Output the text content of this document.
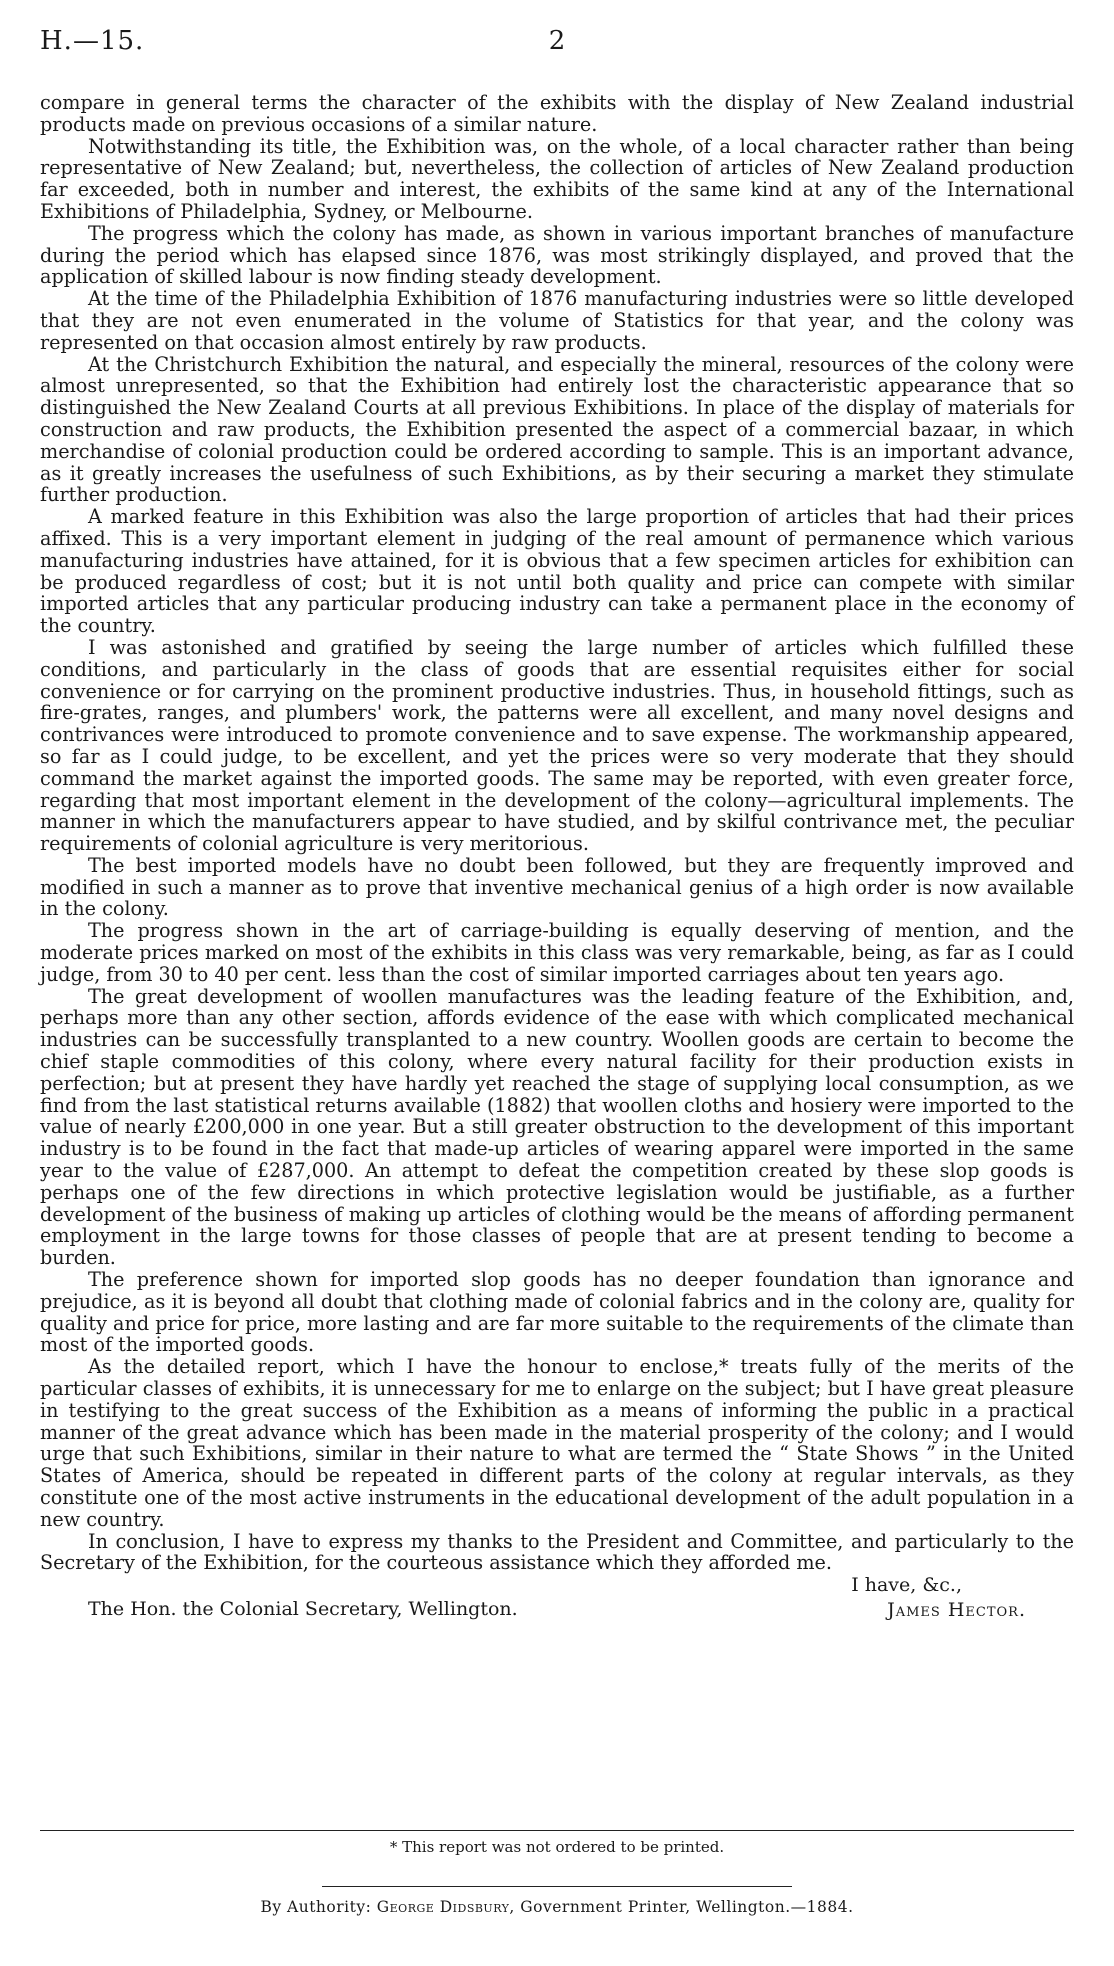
H.—15.	2

compare in general terms the character of the exhibits with the display of New Zealand industrial products made on previous occasions of a similar nature.

Notwithstanding its title, the Exhibition was, on the whole, of a local character rather than being representative of New Zealand; but, nevertheless, the collection of articles of New Zealand production far exceeded, both in number and interest, the exhibits of the same kind at any of the International Exhibitions of Philadelphia, Sydney, or Melbourne.

The progress which the colony has made, as shown in various important branches of manufacture during the period which has elapsed since 1876, was most strikingly displayed, and proved that the application of skilled labour is now finding steady development.

At the time of the Philadelphia Exhibition of 1876 manufacturing industries were so little developed that they are not even enumerated in the volume of Statistics for that year, and the colony was represented on that occasion almost entirely by raw products.

At the Christchurch Exhibition the natural, and especially the mineral, resources of the colony were almost unrepresented, so that the Exhibition had entirely lost the characteristic appearance that so distinguished the New Zealand Courts at all previous Exhibitions. In place of the display of materials for construction and raw products, the Exhibition presented the aspect of a commercial bazaar, in which merchandise of colonial production could be ordered according to sample. This is an important advance, as it greatly increases the usefulness of such Exhibitions, as by their securing a market they stimulate further production.

A marked feature in this Exhibition was also the large proportion of articles that had their prices affixed. This is a very important element in judging of the real amount of permanence which various manufacturing industries have attained, for it is obvious that a few specimen articles for exhibition can be produced regardless of cost; but it is not until both quality and price can compete with similar imported articles that any particular producing industry can take a permanent place in the economy of the country.

I was astonished and gratified by seeing the large number of articles which fulfilled these conditions, and particularly in the class of goods that are essential requisites either for social convenience or for carrying on the prominent productive industries. Thus, in household fittings, such as fire-grates, ranges, and plumbers' work, the patterns were all excellent, and many novel designs and contrivances were introduced to promote convenience and to save expense. The workmanship appeared, so far as I could judge, to be excellent, and yet the prices were so very moderate that they should command the market against the imported goods. The same may be reported, with even greater force, regarding that most important element in the development of the colony—agricultural implements. The manner in which the manufacturers appear to have studied, and by skilful contrivance met, the peculiar requirements of colonial agriculture is very meritorious.

The best imported models have no doubt been followed, but they are frequently improved and modified in such a manner as to prove that inventive mechanical genius of a high order is now available in the colony.

The progress shown in the art of carriage-building is equally deserving of mention, and the moderate prices marked on most of the exhibits in this class was very remarkable, being, as far as I could judge, from 30 to 40 per cent. less than the cost of similar imported carriages about ten years ago.

The great development of woollen manufactures was the leading feature of the Exhibition, and, perhaps more than any other section, affords evidence of the ease with which complicated mechanical industries can be successfully transplanted to a new country. Woollen goods are certain to become the chief staple commodities of this colony, where every natural facility for their production exists in perfection; but at present they have hardly yet reached the stage of supplying local consumption, as we find from the last statistical returns available (1882) that woollen cloths and hosiery were imported to the value of nearly £200,000 in one year. But a still greater obstruction to the development of this important industry is to be found in the fact that made-up articles of wearing apparel were imported in the same year to the value of £287,000. An attempt to defeat the competition created by these slop goods is perhaps one of the few directions in which protective legislation would be justifiable, as a further development of the business of making up articles of clothing would be the means of affording permanent employment in the large towns for those classes of people that are at present tending to become a burden.

The preference shown for imported slop goods has no deeper foundation than ignorance and prejudice, as it is beyond all doubt that clothing made of colonial fabrics and in the colony are, quality for quality and price for price, more lasting and are far more suitable to the requirements of the climate than most of the imported goods.

As the detailed report, which I have the honour to enclose,* treats fully of the merits of the particular classes of exhibits, it is unnecessary for me to enlarge on the subject; but I have great pleasure in testifying to the great success of the Exhibition as a means of informing the public in a practical manner of the great advance which has been made in the material prosperity of the colony; and I would urge that such Exhibitions, similar in their nature to what are termed the “ State Shows ” in the United States of America, should be repeated in different parts of the colony at regular intervals, as they constitute one of the most active instruments in the educational development of the adult population in a new country.

In conclusion, I have to express my thanks to the President and Committee, and particularly to the Secretary of the Exhibition, for the courteous assistance which they afforded me.

I have, &c.,
The Hon. the Colonial Secretary, Wellington.	James Hector.
* This report was not ordered to be printed.
By Authority: George Didsbury, Government Printer, Wellington.—1884.
